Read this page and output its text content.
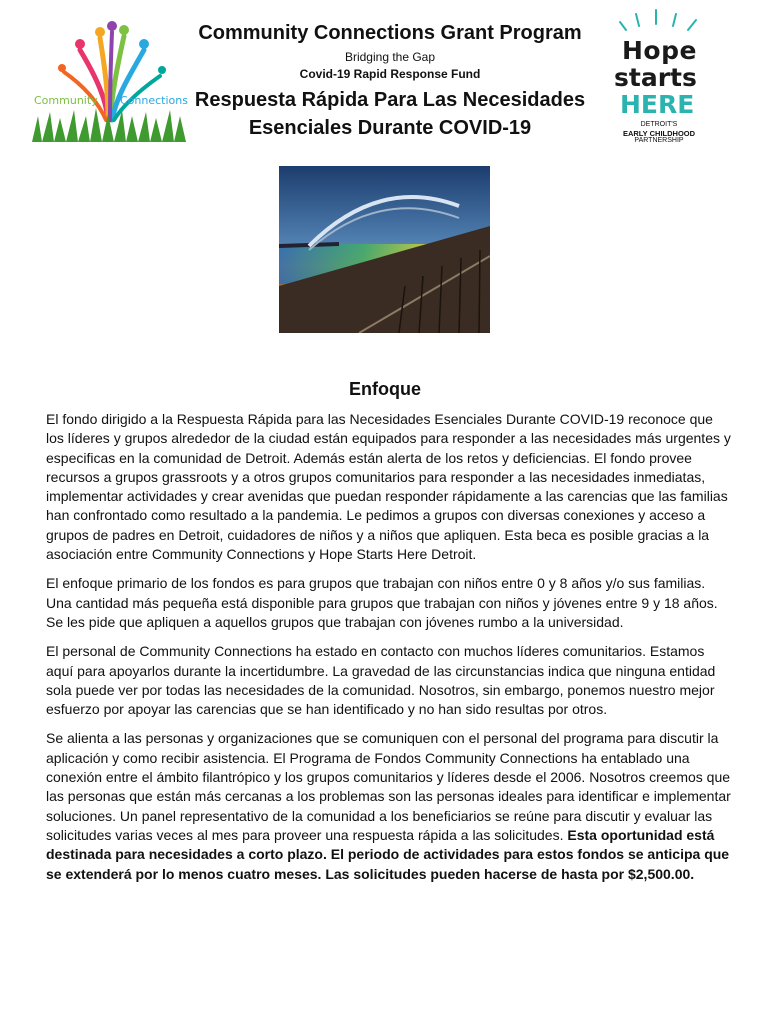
Community Connections
Community Connections Grant Program
Bridging the Gap
Covid-19 Rapid Response Fund
Respuesta Rápida Para Las Necesidades
Esenciales Durante COVID-19
Hope
starts
HERE
DETROIT'S
EARLY CHILDHOOD
PARTNERSHIP
Enfoque

El fondo dirigido a la Respuesta Rápida para las Necesidades Esenciales Durante COVID-19 reconoce que los líderes y grupos alrededor de la ciudad están equipados para responder a las necesidades más urgentes y especificas en la comunidad de Detroit. Además están alerta de los retos y deficiencias. El fondo provee recursos a grupos grassroots y a otros grupos comunitarios para responder a las necesidades inmediatas, implementar actividades y crear avenidas que puedan responder rápidamente a las carencias que las familias han confrontado como resultado a la pandemia. Le pedimos a grupos con diversas conexiones y acceso a grupos de padres en Detroit, cuidadores de niños y a niños que apliquen. Esta beca es posible gracias a la asociación entre Community Connections y Hope Starts Here Detroit.

El enfoque primario de los fondos es para grupos que trabajan con niños entre 0 y 8 años y/o sus familias. Una cantidad más pequeña está disponible para grupos que trabajan con niños y jóvenes entre 9 y 18 años. Se les pide que apliquen a aquellos grupos que trabajan con jóvenes rumbo a la universidad.

El personal de Community Connections ha estado en contacto con muchos líderes comunitarios. Estamos aquí para apoyarlos durante la incertidumbre. La gravedad de las circunstancias indica que ninguna entidad sola puede ver por todas las necesidades de la comunidad. Nosotros, sin embargo, ponemos nuestro mejor esfuerzo por apoyar las carencias que se han identificado y no han sido resultas por otros.

Se alienta a las personas y organizaciones que se comuniquen con el personal del programa para discutir la aplicación y como recibir asistencia. El Programa de Fondos Community Connections ha entablado una conexión entre el ámbito filantrópico y los grupos comunitarios y líderes desde el 2006. Nosotros creemos que las personas que están más cercanas a los problemas son las personas ideales para identificar e implementar soluciones. Un panel representativo de la comunidad a los beneficiarios se reúne para discutir y evaluar las solicitudes varias veces al mes para proveer una respuesta rápida a las solicitudes. Esta oportunidad está destinada para necesidades a corto plazo. El periodo de actividades para estos fondos se anticipa que se extenderá por lo menos cuatro meses. Las solicitudes pueden hacerse de hasta por $2,500.00.
